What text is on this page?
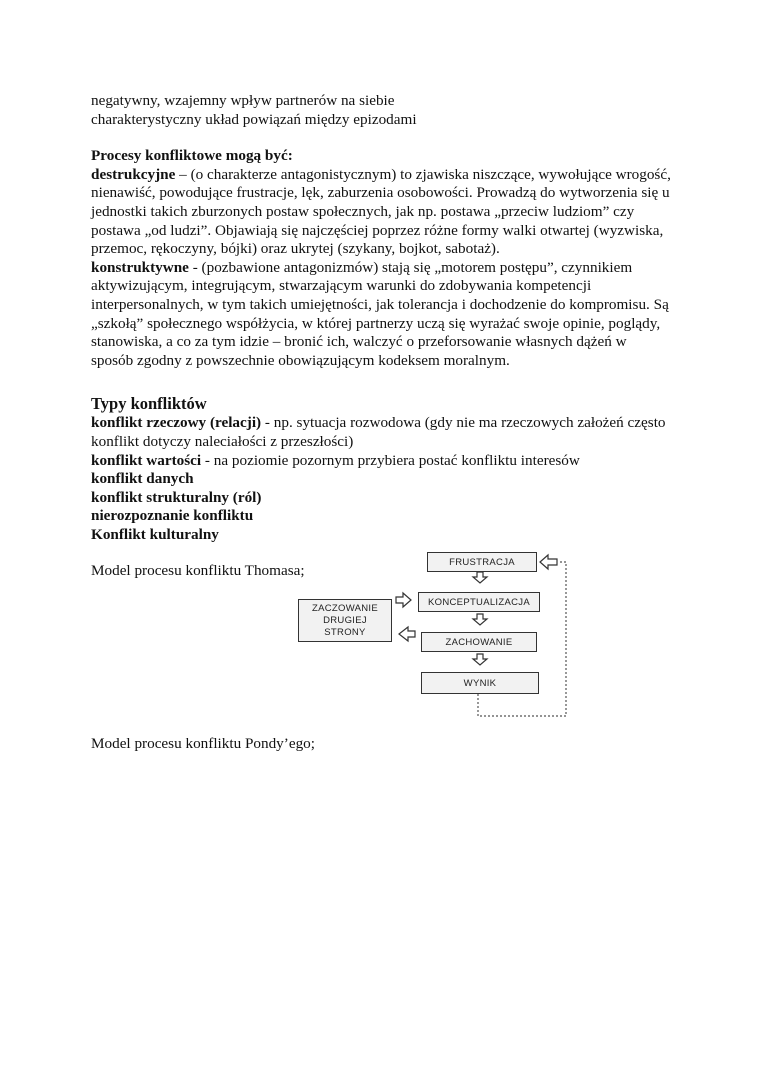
negatywny, wzajemny wpływ partnerów na siebie

charakterystyczny układ powiązań między epizodami

Procesy konfliktowe mogą być:

destrukcyjne – (o charakterze antagonistycznym) to zjawiska niszczące, wywołujące wrogość, nienawiść, powodujące frustracje, lęk, zaburzenia osobowości. Prowadzą do wytworzenia się u jednostki takich zburzonych postaw społecznych, jak np. postawa „przeciw ludziom” czy postawa „od ludzi”. Objawiają się najczęściej poprzez różne formy walki otwartej (wyzwiska, przemoc, rękoczyny, bójki) oraz ukrytej (szykany, bojkot, sabotaż).

konstruktywne - (pozbawione antagonizmów) stają się „motorem postępu”, czynnikiem aktywizującym, integrującym, stwarzającym warunki do zdobywania kompetencji interpersonalnych, w tym takich umiejętności, jak tolerancja i dochodzenie do kompromisu. Są „szkołą” społecznego współżycia, w której partnerzy uczą się wyrażać swoje opinie, poglądy, stanowiska, a co za tym idzie – bronić ich, walczyć o przeforsowanie własnych dążeń w sposób zgodny z powszechnie obowiązującym kodeksem moralnym.

Typy konfliktów

konflikt rzeczowy (relacji) - np. sytuacja rozwodowa (gdy nie ma rzeczowych założeń często konflikt dotyczy naleciałości z przeszłości)

konflikt wartości - na poziomie pozornym przybiera postać konfliktu interesów

konflikt danych

konflikt strukturalny (ról)

nierozpoznanie konfliktu

Konflikt kulturalny

Model procesu konfliktu Thomasa;

FRUSTRACJA
KONCEPTUALIZACJA
ZACHOWANIE
WYNIK
ZACZOWANIE
DRUGIEJ
STRONY

Model procesu konfliktu Pondy’ego;
